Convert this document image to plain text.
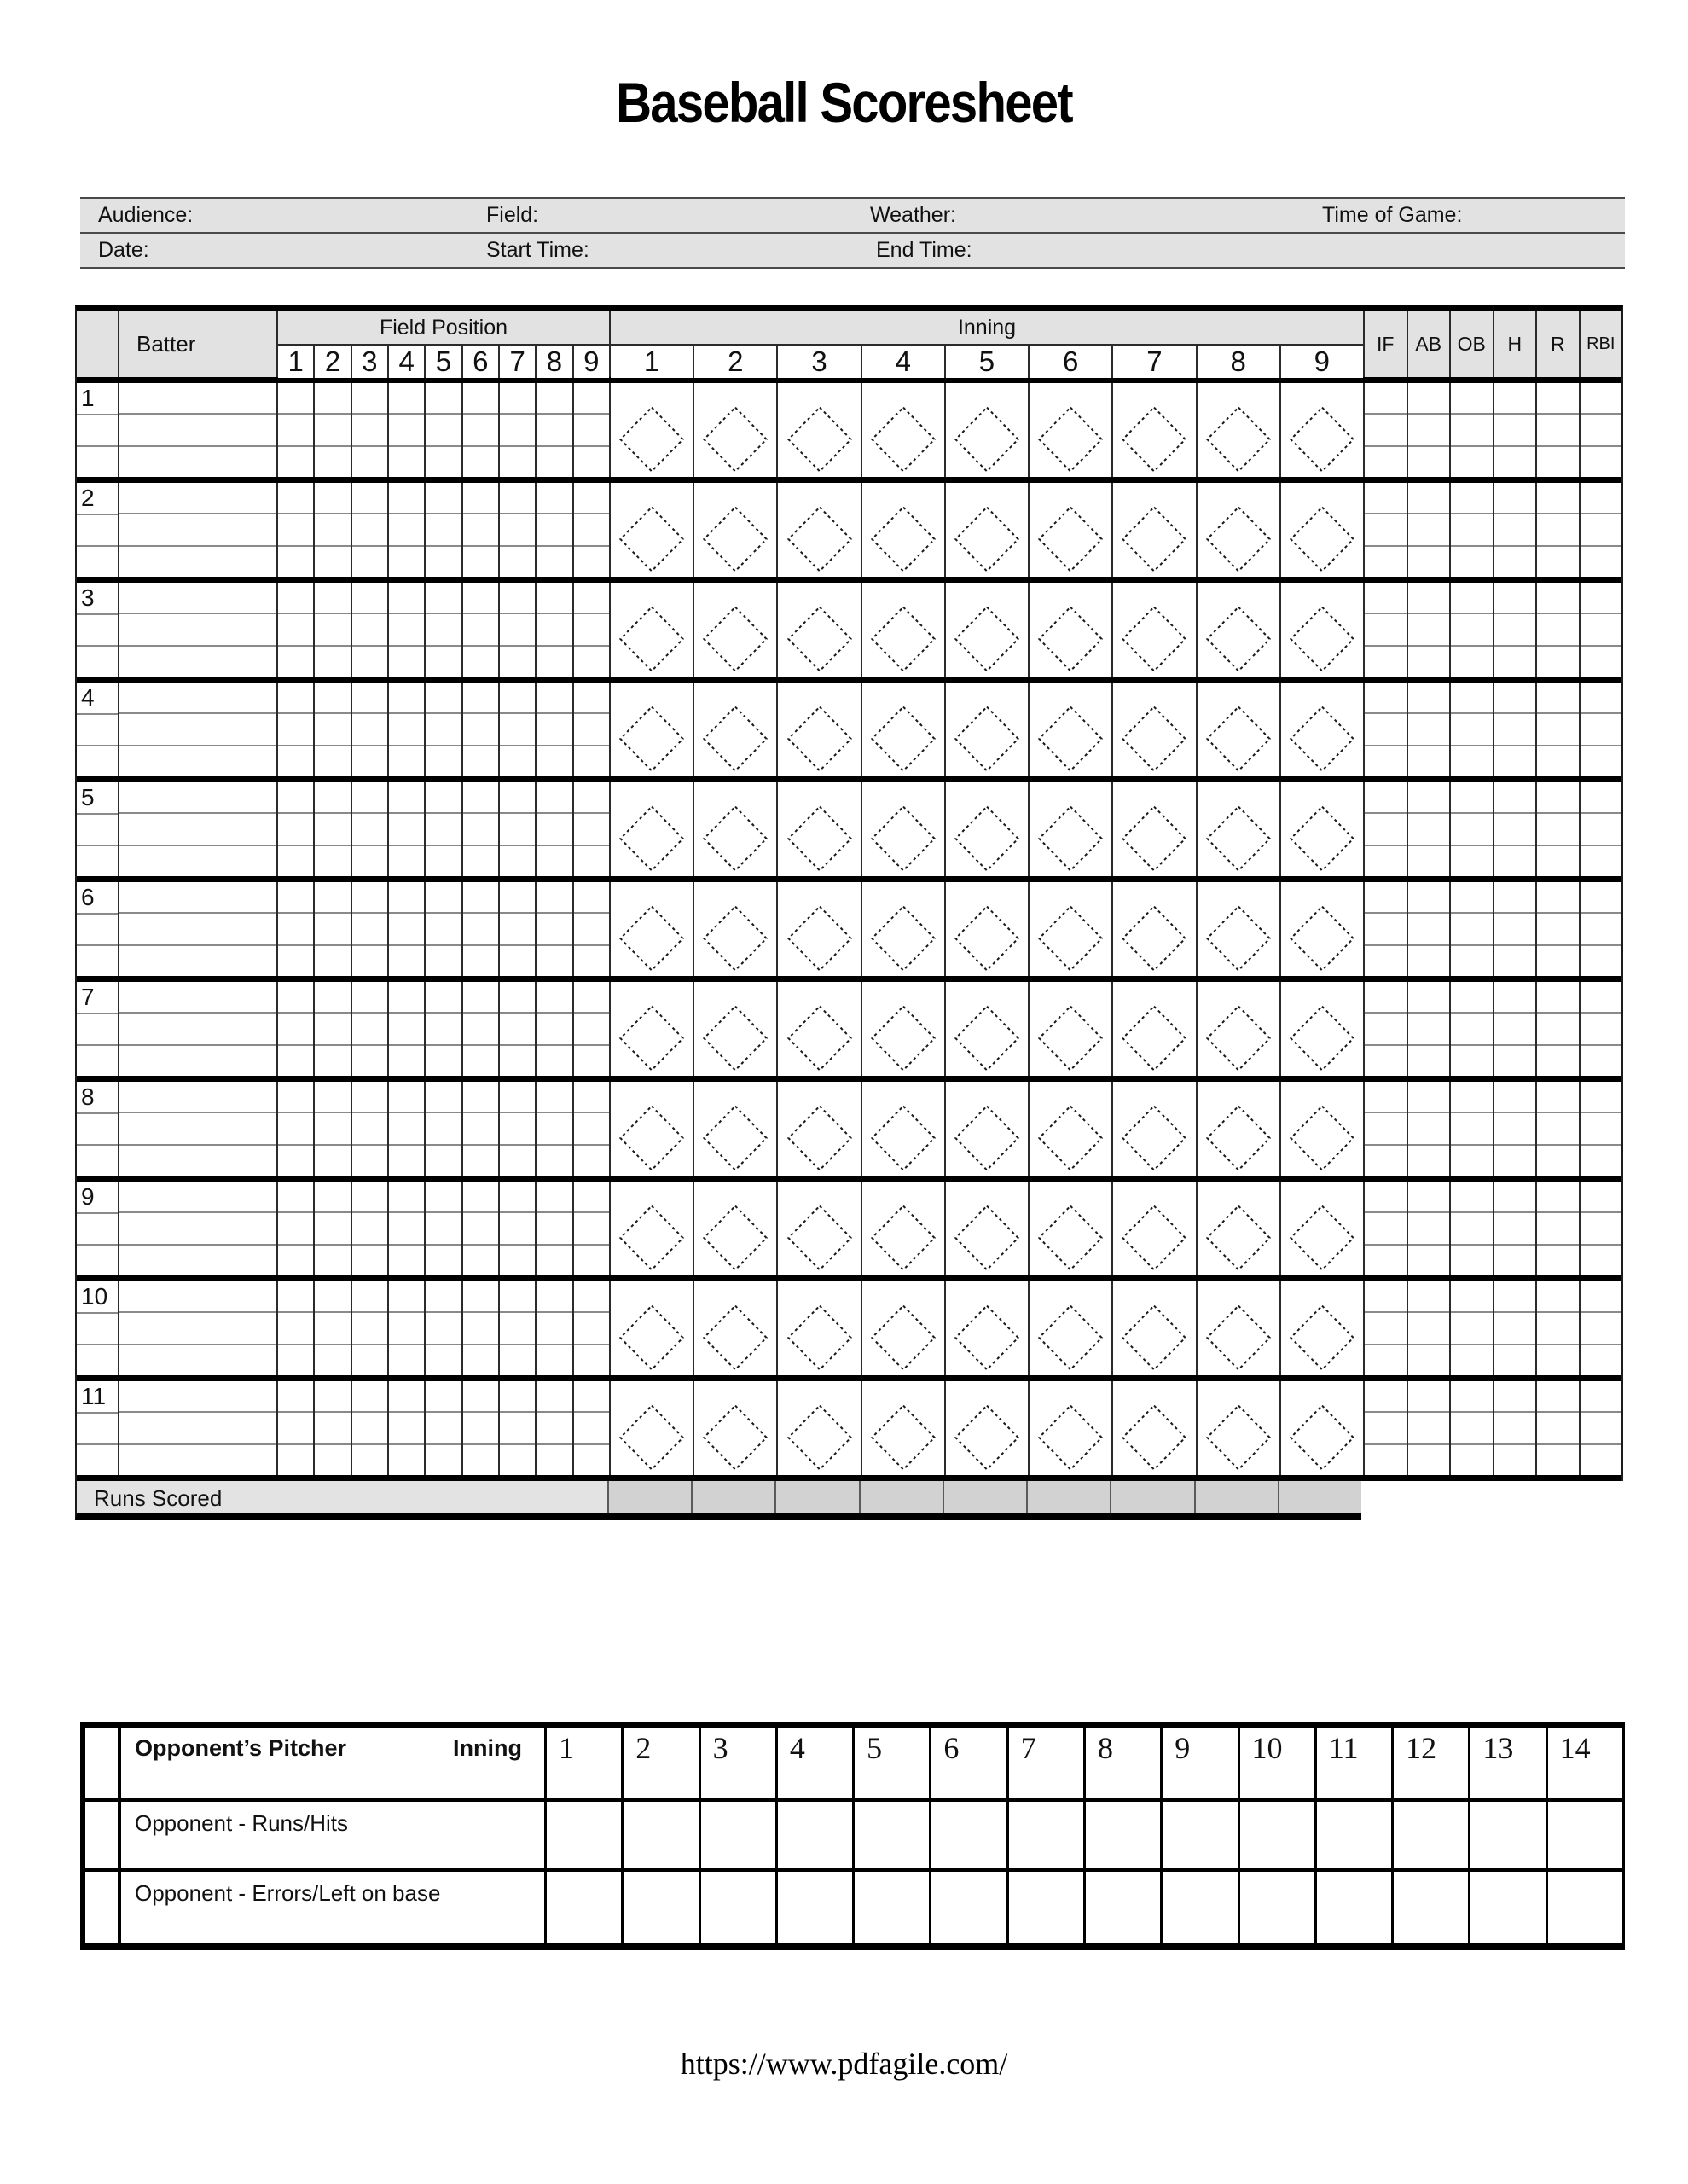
Baseball Scoresheet
Audience:	Field:	Weather:	Time of Game:
Date:	Start Time:	End Time:
Batter
Field Position
1 2 3 4 5 6 7 8 9
Inning
1	2	3	4	5	6	7	8	9
IF	AB OB	H	R	RBI
1
2
3
4
5
6
7
8
9
10
11
Runs Scored
Opponent’s Pitcher	Inning	1	2	3	4	5	6	7	8	9	10	11	12	13	14
Opponent - Runs/Hits
Opponent - Errors/Left on base
https://www.pdfagile.com/
